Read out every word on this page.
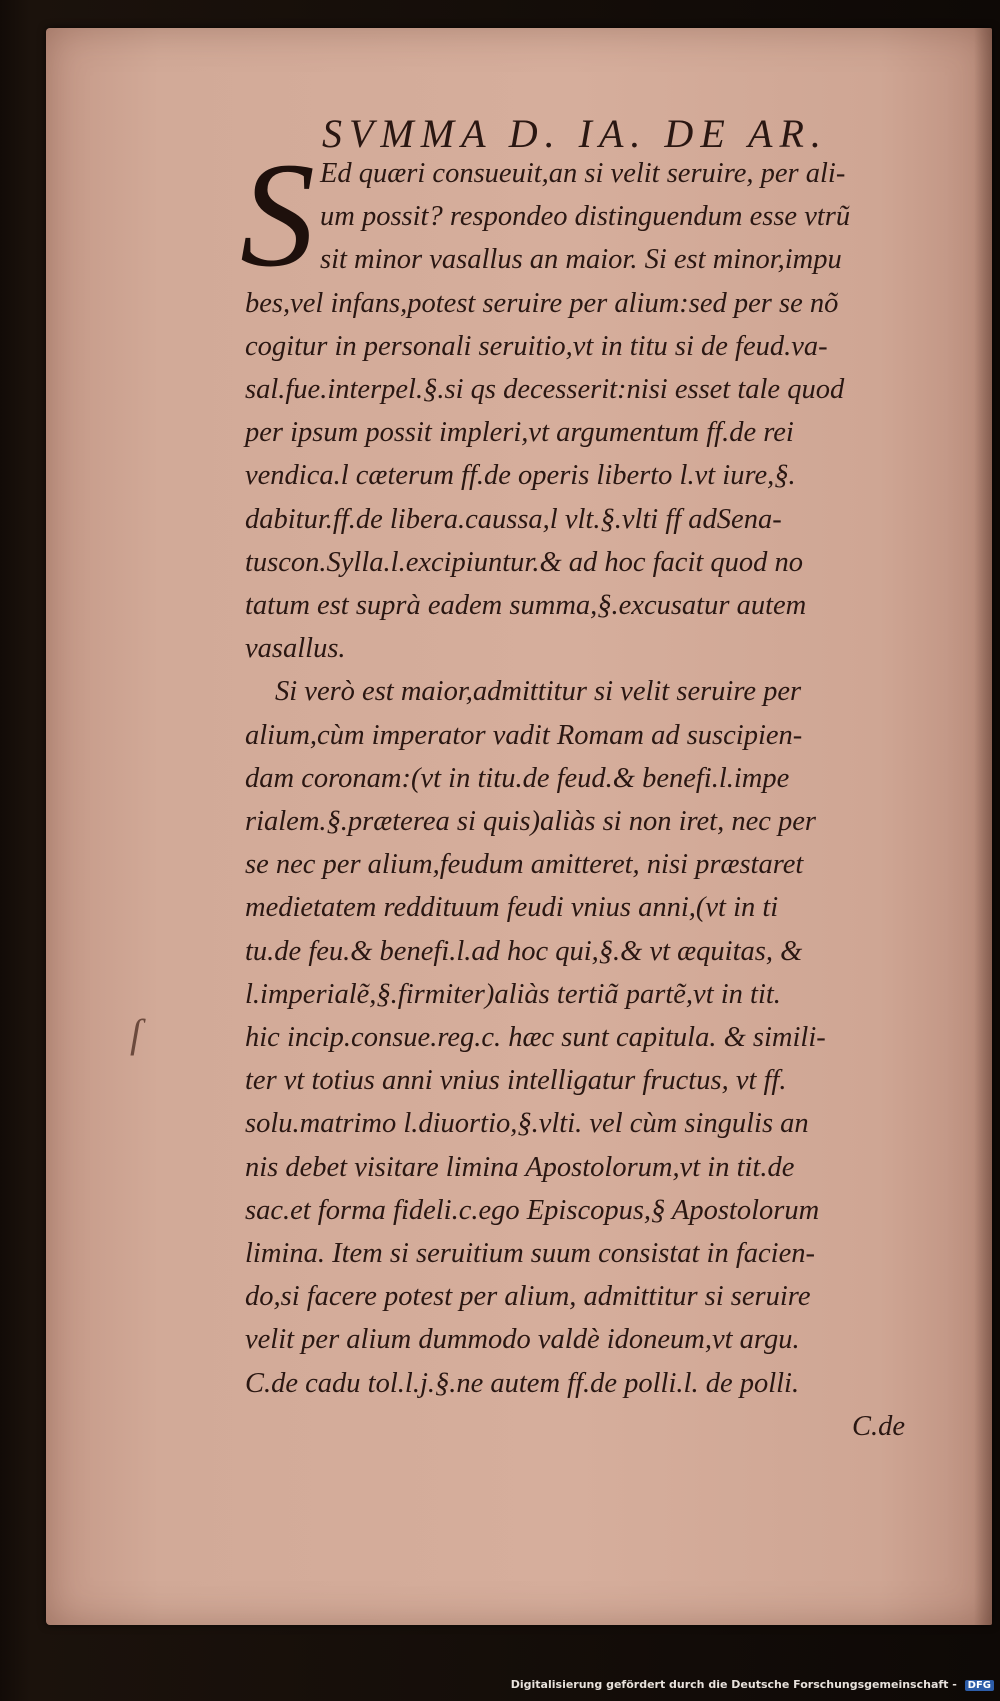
SVMMA D. IA. DE AR.
S Ed quæri consueuit,an si velit seruire, per ali-
um possit? respondeo distinguendum esse vtrũ
sit minor vasallus an maior. Si est minor,impu
bes,vel infans,potest seruire per alium:sed per se nõ
cogitur in personali seruitio,vt in titu si de feud.va-
sal.fue.interpel.§.si qs decesserit:nisi esset tale quod
per ipsum possit impleri,vt argumentum ff.de rei
vendica.l cæterum ff.de operis liberto l.vt iure,§.
dabitur.ff.de libera.caussa,l vlt.§.vlti ff adSena-
tuscon.Sylla.l.excipiuntur.& ad hoc facit quod no
tatum est suprà eadem summa,§.excusatur autem
vasallus.
Si verò est maior,admittitur si velit seruire per
alium,cùm imperator vadit Romam ad suscipien-
dam coronam:(vt in titu.de feud.& benefi.l.impe
rialem.§.præterea si quis)aliàs si non iret, nec per
se nec per alium,feudum amitteret, nisi præstaret
medietatem reddituum feudi vnius anni,(vt in ti
tu.de feu.& benefi.l.ad hoc qui,§.& vt æquitas, &
l.imperialẽ,§.firmiter)aliàs tertiã partẽ,vt in tit.
hic incip.consue.reg.c. hæc sunt capitula. & simili-
ter vt totius anni vnius intelligatur fructus, vt ff.
solu.matrimo l.diuortio,§.vlti. vel cùm singulis an
nis debet visitare limina Apostolorum,vt in tit.de
sac.et forma fideli.c.ego Episcopus,§ Apostolorum
limina. Item si seruitium suum consistat in facien-
do,si facere potest per alium, admittitur si seruire
velit per alium dummodo valdè idoneum,vt argu.
C.de cadu tol.l.j.§.ne autem ff.de polli.l. de polli.
C.de
ſ
Digitalisierung gefördert durch die Deutsche Forschungsgemeinschaft - DFG
